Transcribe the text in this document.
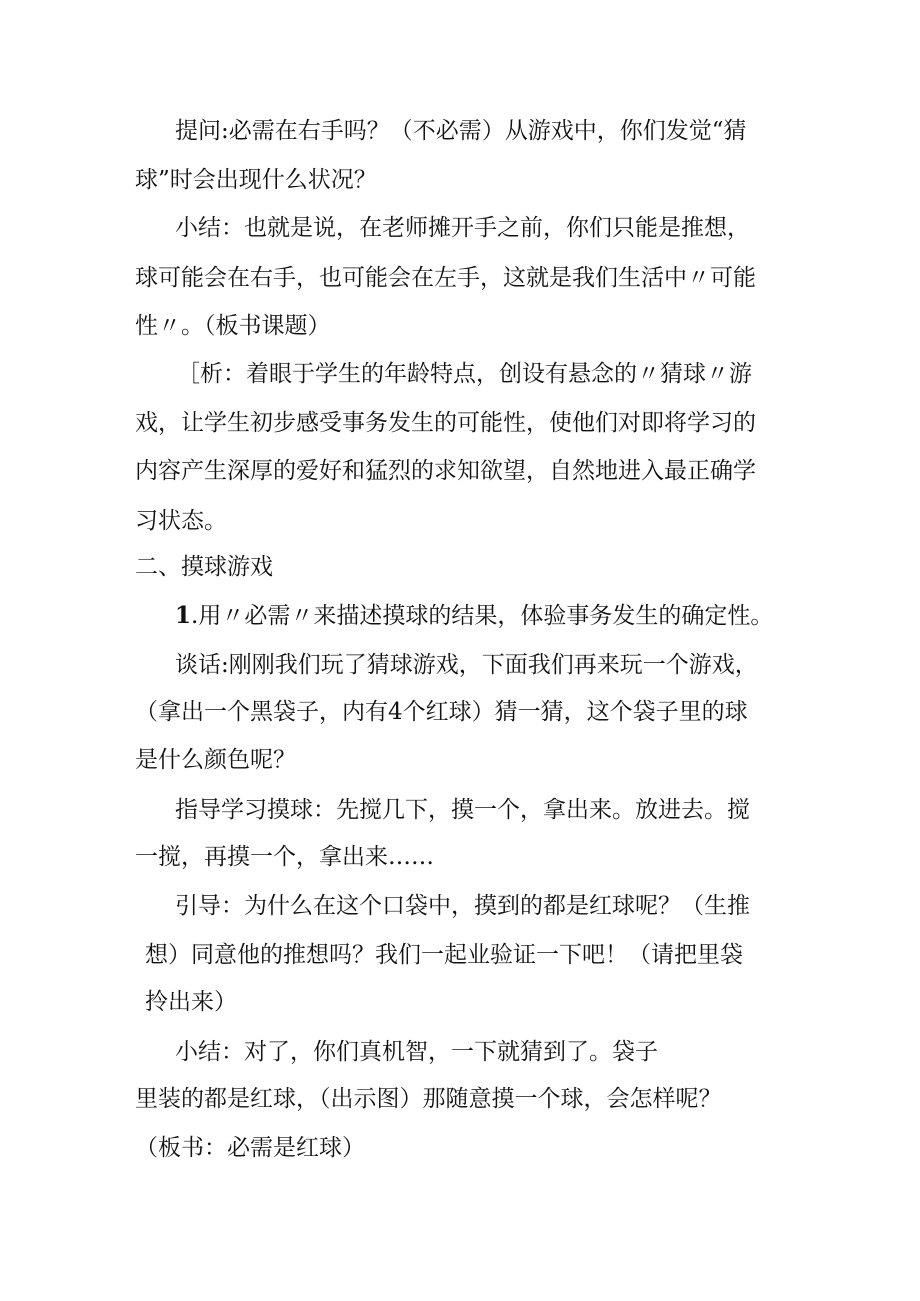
提问:必需在右手吗？（不必需）从游戏中，你们发觉“猜
球”时会出现什么状况？
小结：也就是说，在老师摊开手之前，你们只能是推想，
球可能会在右手，也可能会在左手，这就是我们生活中〃可能
性〃。（板书课题）
［析：着眼于学生的年龄特点，创设有悬念的〃猜球〃游
戏，让学生初步感受事务发生的可能性，使他们对即将学习的
内容产生深厚的爱好和猛烈的求知欲望，自然地进入最正确学
习状态。
二、摸球游戏
1.用〃必需〃来描述摸球的结果，体验事务发生的确定性。
谈话:刚刚我们玩了猜球游戏，下面我们再来玩一个游戏，
（拿出一个黑袋子，内有4个红球）猜一猜，这个袋子里的球
是什么颜色呢？
指导学习摸球：先搅几下，摸一个，拿出来。放进去。搅
一搅，再摸一个，拿出来……
引导：为什么在这个口袋中，摸到的都是红球呢？（生推
想）同意他的推想吗？我们一起业验证一下吧！（请把里袋
拎出来）
小结：对了，你们真机智，一下就猜到了。袋子
里装的都是红球，（出示图）那随意摸一个球，会怎样呢？
（板书：必需是红球）
